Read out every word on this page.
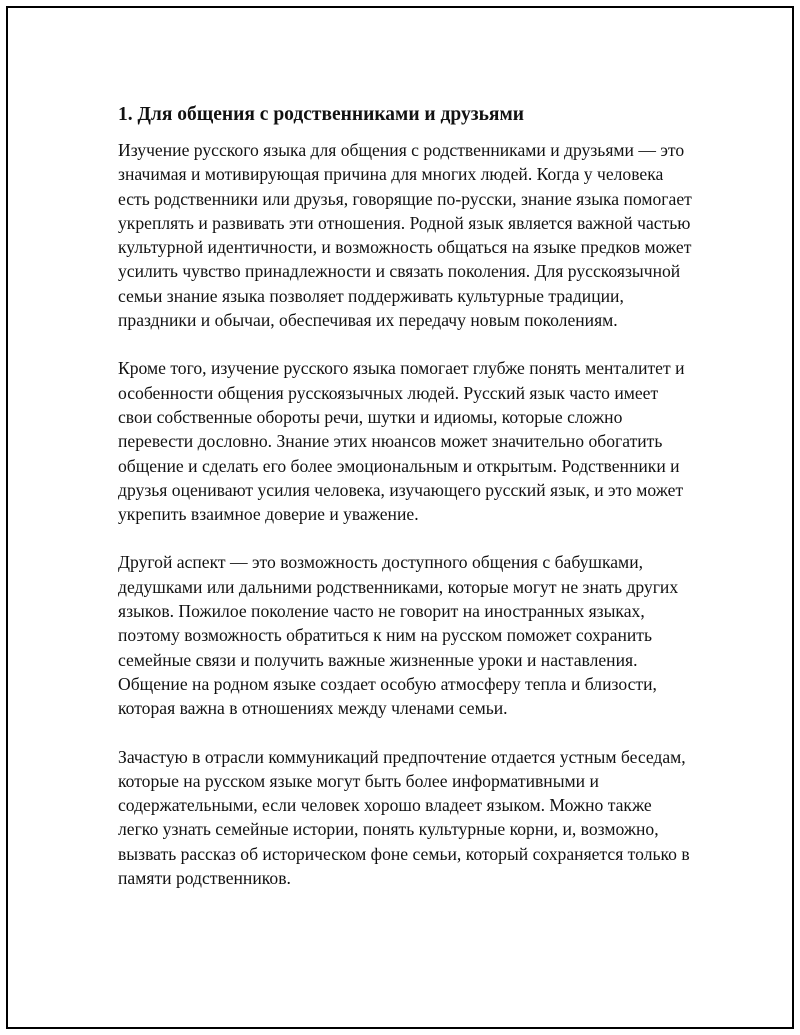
1. Для общения с родственниками и друзьями

Изучение русского языка для общения с родственниками и друзьями — это значимая и мотивирующая причина для многих людей. Когда у человека есть родственники или друзья, говорящие по-русски, знание языка помогает укреплять и развивать эти отношения. Родной язык является важной частью культурной идентичности, и возможность общаться на языке предков может усилить чувство принадлежности и связать поколения. Для русскоязычной семьи знание языка позволяет поддерживать культурные традиции, праздники и обычаи, обеспечивая их передачу новым поколениям.

Кроме того, изучение русского языка помогает глубже понять менталитет и особенности общения русскоязычных людей. Русский язык часто имеет свои собственные обороты речи, шутки и идиомы, которые сложно перевести дословно. Знание этих нюансов может значительно обогатить общение и сделать его более эмоциональным и открытым. Родственники и друзья оценивают усилия человека, изучающего русский язык, и это может укрепить взаимное доверие и уважение.

Другой аспект — это возможность доступного общения с бабушками, дедушками или дальними родственниками, которые могут не знать других языков. Пожилое поколение часто не говорит на иностранных языках, поэтому возможность обратиться к ним на русском поможет сохранить семейные связи и получить важные жизненные уроки и наставления. Общение на родном языке создает особую атмосферу тепла и близости, которая важна в отношениях между членами семьи.

Зачастую в отрасли коммуникаций предпочтение отдается устным беседам, которые на русском языке могут быть более информативными и содержательными, если человек хорошо владеет языком. Можно также легко узнать семейные истории, понять культурные корни, и, возможно, вызвать рассказ об историческом фоне семьи, который сохраняется только в памяти родственников.
